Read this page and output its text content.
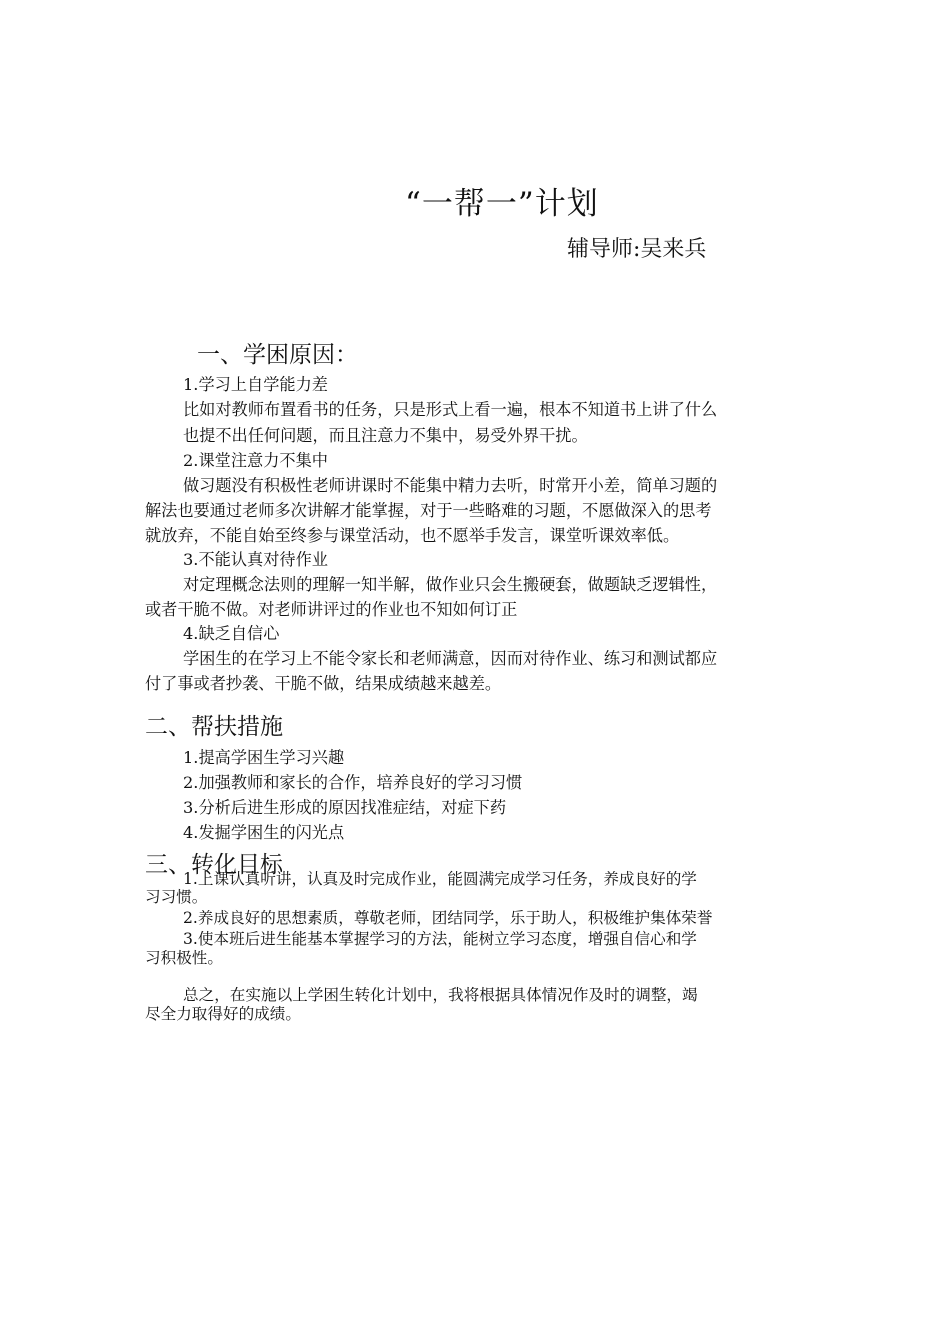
“一帮一”计划
辅导师:吴来兵
一、学困原因：
1.学习上自学能力差
比如对教师布置看书的任务，只是形式上看一遍，根本不知道书上讲了什么
也提不出任何问题，而且注意力不集中，易受外界干扰。
2.课堂注意力不集中
做习题没有积极性老师讲课时不能集中精力去听，时常开小差，简单习题的
解法也要通过老师多次讲解才能掌握，对于一些略难的习题，不愿做深入的思考
就放弃，不能自始至终参与课堂活动，也不愿举手发言，课堂听课效率低。
3.不能认真对待作业
对定理概念法则的理解一知半解，做作业只会生搬硬套，做题缺乏逻辑性，
或者干脆不做。对老师讲评过的作业也不知如何订正
4.缺乏自信心
学困生的在学习上不能令家长和老师满意，因而对待作业、练习和测试都应
付了事或者抄袭、干脆不做，结果成绩越来越差。
二、帮扶措施
1.提高学困生学习兴趣
2.加强教师和家长的合作，培养良好的学习习惯
3.分析后进生形成的原因找准症结，对症下药
4.发掘学困生的闪光点
三、转化目标
1.上课认真听讲，认真及时完成作业，能圆满完成学习任务，养成良好的学
习习惯。
2.养成良好的思想素质，尊敬老师，团结同学，乐于助人，积极维护集体荣誉
3.使本班后进生能基本掌握学习的方法，能树立学习态度，增强自信心和学
习积极性。
总之，在实施以上学困生转化计划中，我将根据具体情况作及时的调整，竭
尽全力取得好的成绩。
